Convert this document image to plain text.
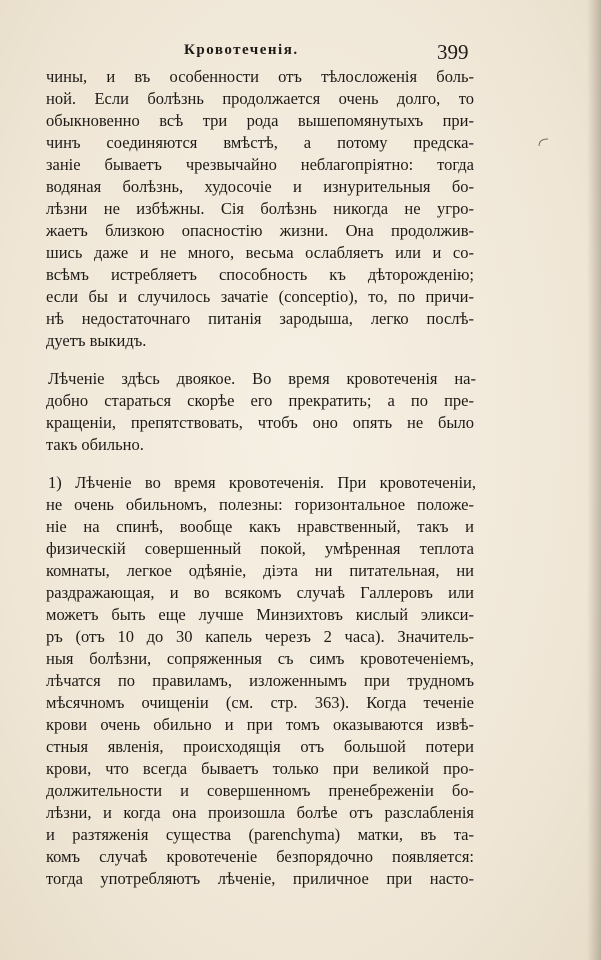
Кровотеченія.	399
чины, и въ особенности отъ тѣлосложенія боль-
ной. Если болѣзнь продолжается очень долго, то
обыкновенно всѣ три рода вышепомянутыхъ при-
чинъ соединяются вмѣстѣ, а потому предска-
заніе бываетъ чрезвычайно неблагопріятно: тогда
водяная болѣзнь, худосочіе и изнурительныя бо-
лѣзни не избѣжны. Сія болѣзнь никогда не угро-
жаетъ близкою опасностію жизни. Она продолжив-
шись даже и не много, весьма ослабляетъ или и со-
всѣмъ истребляетъ способность къ дѣторожденію;
если бы и случилось зачатіе (conceptio), то, по причи-
нѣ недостаточнаго питанія зародыша, легко послѣ-
дуетъ выкидъ.
Лѣченіе здѣсь двоякое. Во время кровотеченія на-
добно стараться скорѣе его прекратить; а по пре-
кращеніи, препятствовать, чтобъ оно опять не было
такъ обильно.
1) Лѣченіе во время кровотеченія. При кровотеченіи,
не очень обильномъ, полезны: горизонтальное положе-
ніе на спинѣ, вообще какъ нравственный, такъ и
физическій совершенный покой, умѣренная теплота
комнаты, легкое одѣяніе, діэта ни питательная, ни
раздражающая, и во всякомъ случаѣ Галлеровъ или
можетъ быть еще лучше Минзихтовъ кислый эликси-
ръ (отъ 10 до 30 капель черезъ 2 часа). Значитель-
ныя болѣзни, сопряженныя съ симъ кровотеченіемъ,
лѣчатся по правиламъ, изложеннымъ при трудномъ
мѣсячномъ очищеніи (см. стр. 363). Когда теченіе
крови очень обильно и при томъ оказываются извѣ-
стныя явленія, происходящія отъ большой потери
крови, что всегда бываетъ только при великой про-
должительности и совершенномъ пренебреженіи бо-
лѣзни, и когда она произошла болѣе отъ разслабленія
и разтяженія существа (parenchyma) матки, въ та-
комъ случаѣ кровотеченіе безпорядочно появляется:
тогда употребляютъ лѣченіе, приличное при насто-
